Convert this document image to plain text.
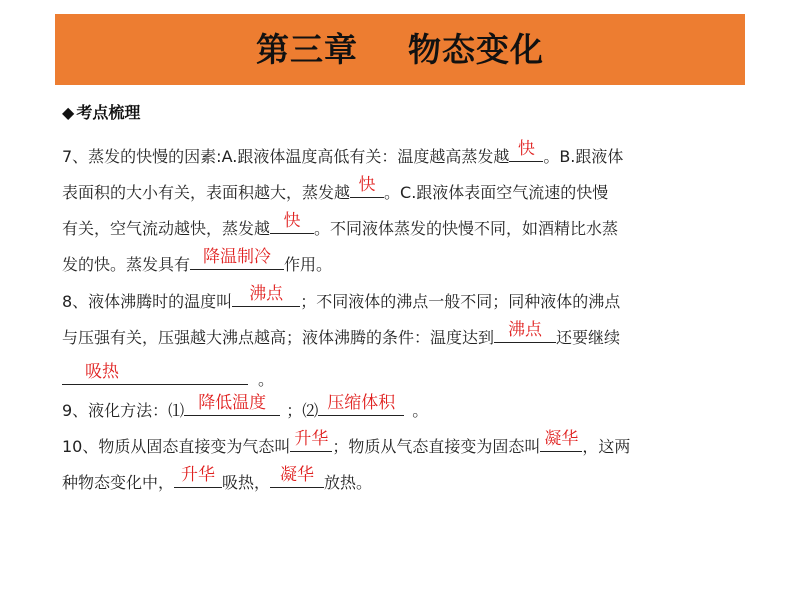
第三章    物态变化
◆ 考点梳理
7、蒸发的快慢的因素:A.跟液体温度高低有关：温度越高蒸发越 快 。B.跟液体
表面积的大小有关，表面积越大，蒸发越 快 。C.跟液体表面空气流速的快慢
有关，空气流动越快，蒸发越 快 。不同液体蒸发的快慢不同，如酒精比水蒸
发的快。蒸发具有 降温制冷 作用。
8、液体沸腾时的温度叫	沸点	；不同液体的沸点一般不同；同种液体的沸点
与压强有关，压强越大沸点越高；液体沸腾的条件：温度达到 沸点 还要继续
吸热	。
9、液化方法：⑴ 降低温度	；⑵ 压缩体积	。
10、物质从固态直接变为气态叫 升华 ；物质从气态直接变为固态叫 凝华 ，这两
种物态变化中， 升华 吸热， 凝华 放热。
